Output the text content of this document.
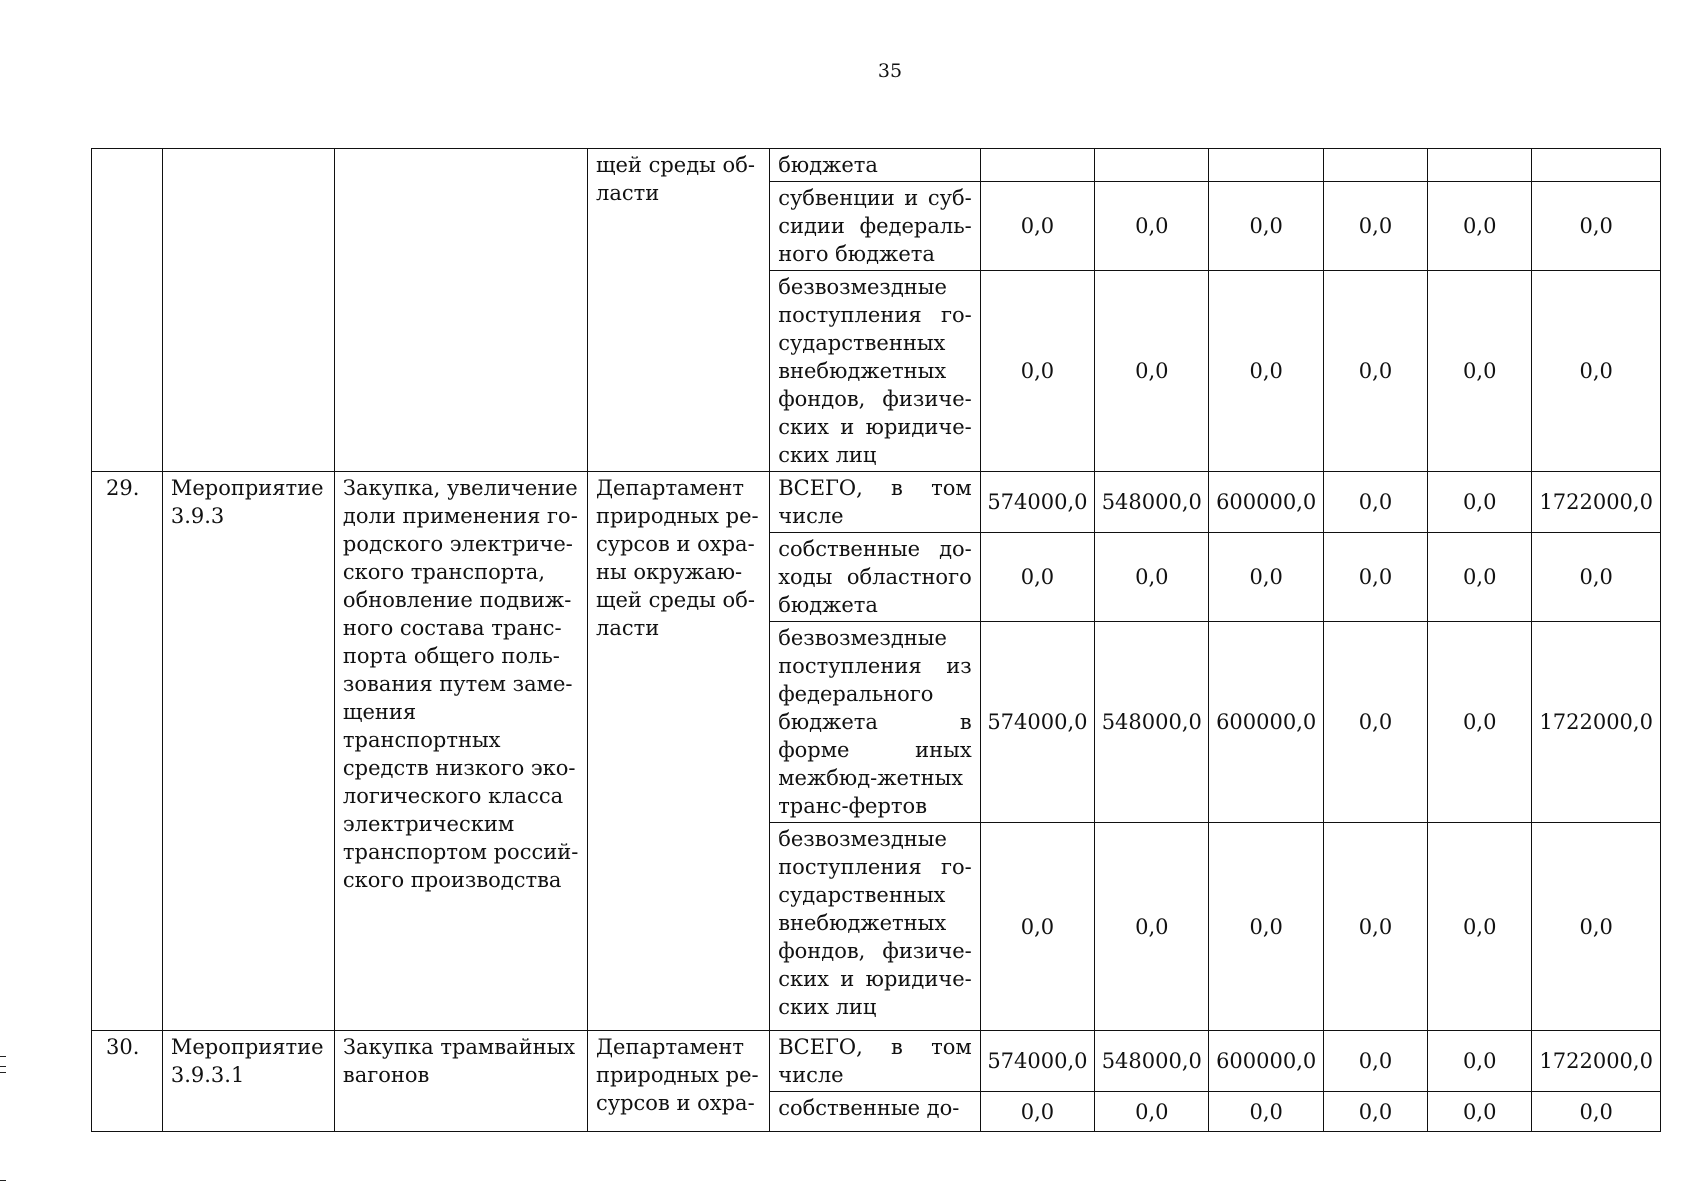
35
			щей среды об-ласти	бюджета						
				субвенции и суб-сидии федераль-ного бюджета	0,0	0,0	0,0	0,0	0,0	0,0
				безвозмездные поступления го-сударственных внебюджетных фондов, физиче-ских и юридиче-ских лиц	0,0	0,0	0,0	0,0	0,0	0,0
29.	Мероприятие 3.9.3	Закупка, увеличение доли применения го-родского электриче-ского транспорта, обновление подвиж-ного состава транс-порта общего поль-зования путем заме-щения транспортных средств низкого эко-логического класса электрическим транспортом россий-ского производства	Департамент природных ре-сурсов и охра-ны окружаю-щей среды об-ласти	ВСЕГО, в том числе	574000,0	548000,0	600000,0	0,0	0,0	1722000,0
				собственные до-ходы областного бюджета	0,0	0,0	0,0	0,0	0,0	0,0
				безвозмездные поступления из федерального бюджета в форме иных межбюд-жетных транс-фертов	574000,0	548000,0	600000,0	0,0	0,0	1722000,0
				безвозмездные поступления го-сударственных внебюджетных фондов, физиче-ских и юридиче-ских лиц	0,0	0,0	0,0	0,0	0,0	0,0
30.	Мероприятие 3.9.3.1	Закупка трамвайных вагонов	Департамент природных ре-сурсов и охра-	ВСЕГО, в том числе	574000,0	548000,0	600000,0	0,0	0,0	1722000,0
				собственные до-	0,0	0,0	0,0	0,0	0,0	0,0
